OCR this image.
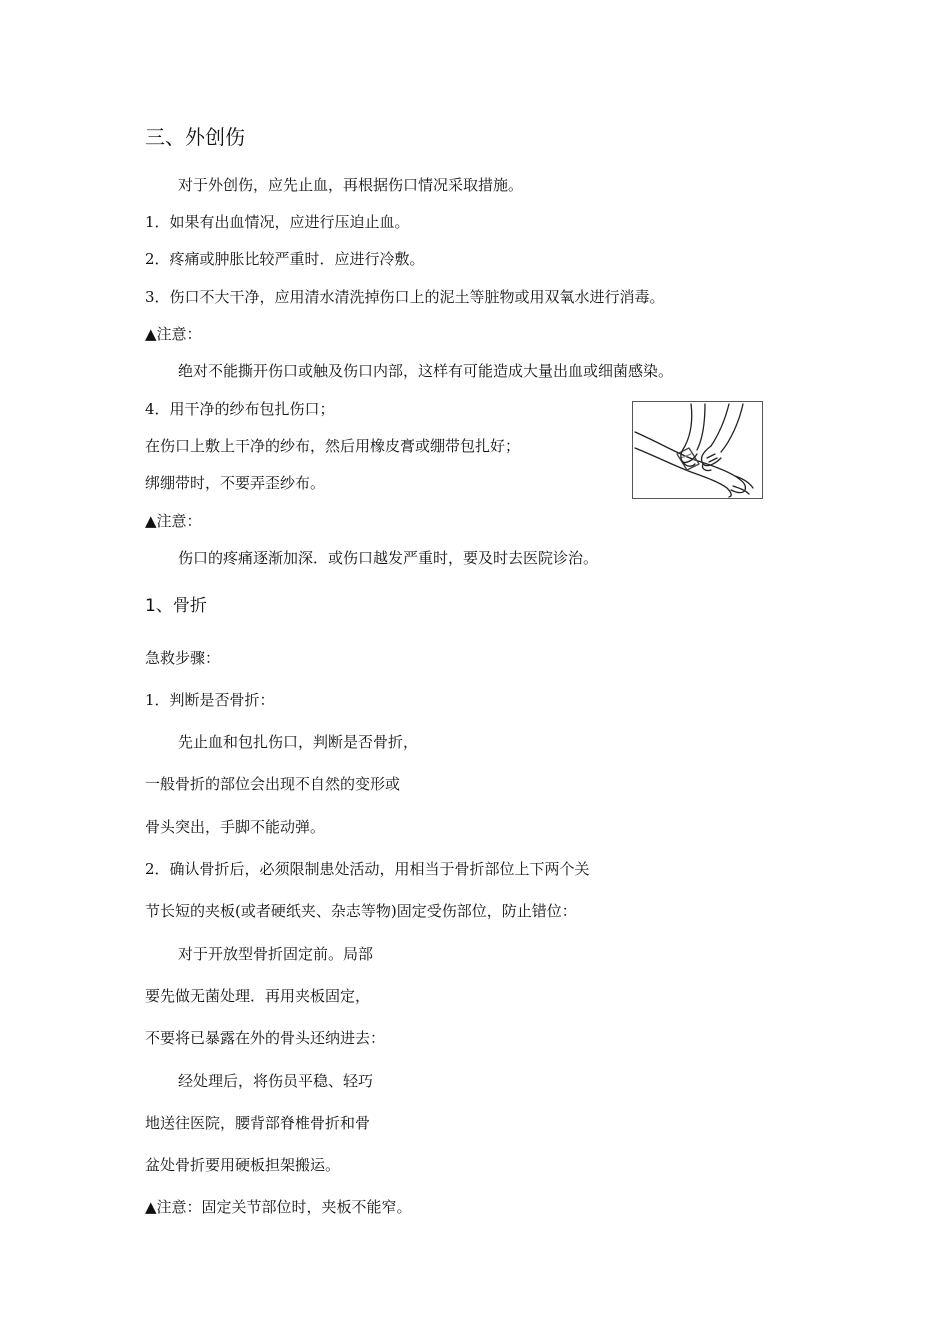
三、外创伤
对于外创伤，应先止血，再根据伤口情况采取措施。
1．如果有出血情况，应进行压迫止血。
2．疼痛或肿胀比较严重时．应进行冷敷。
3．伤口不大干净，应用清水清洗掉伤口上的泥土等脏物或用双氧水进行消毒。
▲注意：
绝对不能撕开伤口或触及伤口内部，这样有可能造成大量出血或细菌感染。
4．用干净的纱布包扎伤口；
在伤口上敷上干净的纱布，然后用橡皮膏或绷带包扎好；
绑绷带时，不要弄歪纱布。
▲注意：
伤口的疼痛逐渐加深．或伤口越发严重时，要及时去医院诊治。
1、骨折
急救步骤：
1．判断是否骨折：
先止血和包扎伤口，判断是否骨折，
一般骨折的部位会出现不自然的变形或
骨头突出，手脚不能动弹。
2．确认骨折后，必须限制患处活动，用相当于骨折部位上下两个关
节长短的夹板(或者硬纸夹、杂志等物)固定受伤部位，防止错位：
对于开放型骨折固定前。局部
要先做无菌处理．再用夹板固定，
不要将已暴露在外的骨头还纳进去：
经处理后，将伤员平稳、轻巧
地送往医院，腰背部脊椎骨折和骨
盆处骨折要用硬板担架搬运。
▲注意：固定关节部位时，夹板不能窄。
